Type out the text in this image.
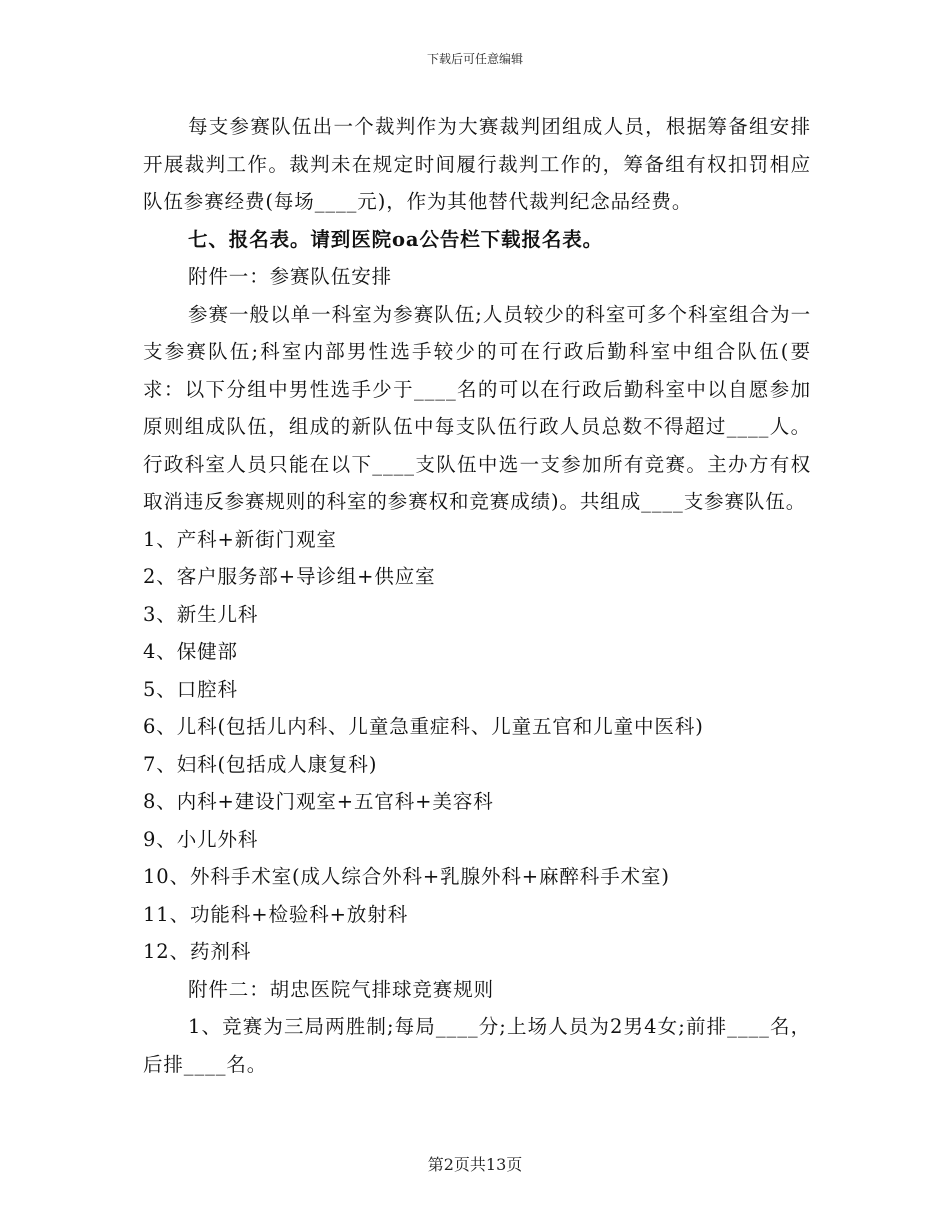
下载后可任意编辑

每支参赛队伍出一个裁判作为大赛裁判团组成人员，根据筹备组安排开展裁判工作。裁判未在规定时间履行裁判工作的，筹备组有权扣罚相应队伍参赛经费(每场____元)，作为其他替代裁判纪念品经费。

七、报名表。请到医院oa公告栏下载报名表。

附件一：参赛队伍安排

参赛一般以单一科室为参赛队伍;人员较少的科室可多个科室组合为一支参赛队伍;科室内部男性选手较少的可在行政后勤科室中组合队伍(要求：以下分组中男性选手少于____名的可以在行政后勤科室中以自愿参加原则组成队伍，组成的新队伍中每支队伍行政人员总数不得超过____人。行政科室人员只能在以下____支队伍中选一支参加所有竞赛。主办方有权取消违反参赛规则的科室的参赛权和竞赛成绩)。共组成____支参赛队伍。

1、产科+新街门观室

2、客户服务部+导诊组+供应室

3、新生儿科

4、保健部

5、口腔科

6、儿科(包括儿内科、儿童急重症科、儿童五官和儿童中医科)

7、妇科(包括成人康复科)

8、内科+建设门观室+五官科+美容科

9、小儿外科

10、外科手术室(成人综合外科+乳腺外科+麻醉科手术室)

11、功能科+检验科+放射科

12、药剂科

附件二：胡忠医院气排球竞赛规则

1、竞赛为三局两胜制;每局____分;上场人员为2男4女;前排____名，后排____名。

第2页共13页
